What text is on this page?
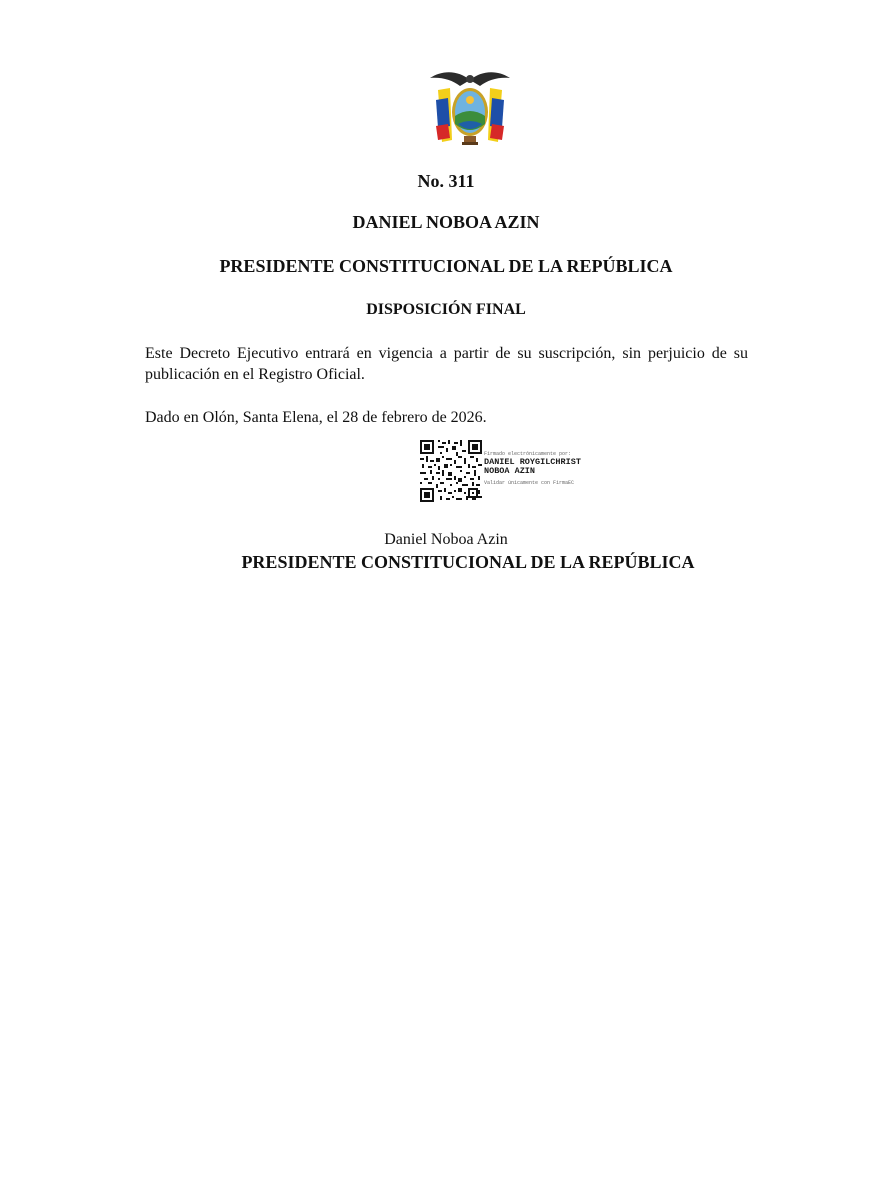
No. 311
DANIEL NOBOA AZIN
PRESIDENTE CONSTITUCIONAL DE LA REPÚBLICA
DISPOSICIÓN FINAL
Este Decreto Ejecutivo entrará en vigencia a partir de su suscripción, sin perjuicio de su publicación en el Registro Oficial.
Dado en Olón, Santa Elena, el 28 de febrero de 2026.
Firmado electrónicamente por:
DANIEL ROYGILCHRIST
NOBOA AZIN
Validar únicamente con FirmaEC
Daniel Noboa Azin
PRESIDENTE CONSTITUCIONAL DE LA REPÚBLICA
